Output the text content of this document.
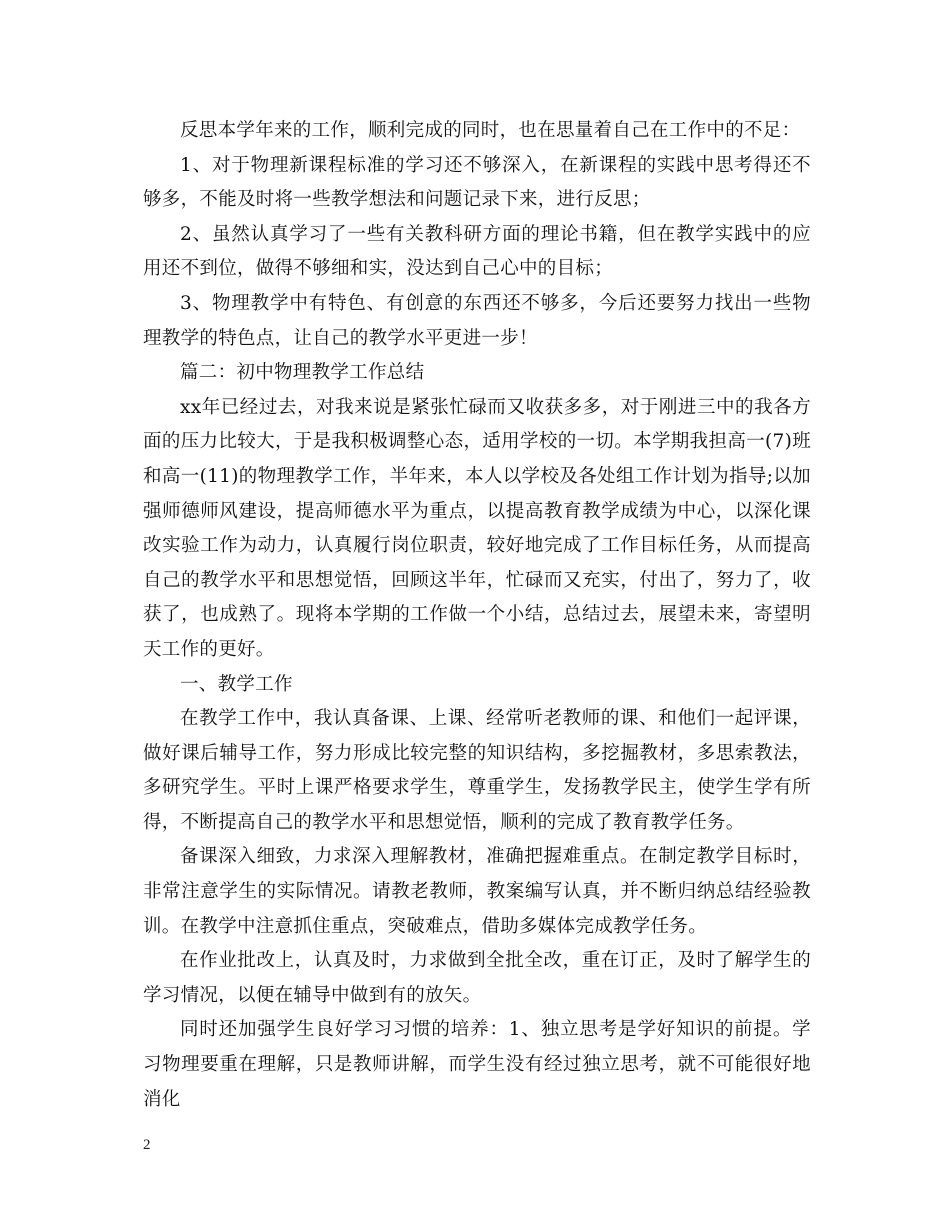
反思本学年来的工作，顺利完成的同时，也在思量着自己在工作中的不足：

1、对于物理新课程标准的学习还不够深入，在新课程的实践中思考得还不够多，不能及时将一些教学想法和问题记录下来，进行反思；

2、虽然认真学习了一些有关教科研方面的理论书籍，但在教学实践中的应用还不到位，做得不够细和实，没达到自己心中的目标；

3、物理教学中有特色、有创意的东西还不够多，今后还要努力找出一些物理教学的特色点，让自己的教学水平更进一步！

篇二：初中物理教学工作总结

xx年已经过去，对我来说是紧张忙碌而又收获多多，对于刚进三中的我各方面的压力比较大，于是我积极调整心态，适用学校的一切。本学期我担高一(7)班和高一(11)的物理教学工作，半年来，本人以学校及各处组工作计划为指导;以加强师德师风建设，提高师德水平为重点，以提高教育教学成绩为中心，以深化课改实验工作为动力，认真履行岗位职责，较好地完成了工作目标任务，从而提高自己的教学水平和思想觉悟，回顾这半年，忙碌而又充实，付出了，努力了，收获了，也成熟了。现将本学期的工作做一个小结，总结过去，展望未来，寄望明天工作的更好。

一、教学工作

在教学工作中，我认真备课、上课、经常听老教师的课、和他们一起评课，做好课后辅导工作，努力形成比较完整的知识结构，多挖掘教材，多思索教法，多研究学生。平时上课严格要求学生，尊重学生，发扬教学民主，使学生学有所得，不断提高自己的教学水平和思想觉悟，顺利的完成了教育教学任务。

备课深入细致，力求深入理解教材，准确把握难重点。在制定教学目标时，非常注意学生的实际情况。请教老教师，教案编写认真，并不断归纳总结经验教训。在教学中注意抓住重点，突破难点，借助多媒体完成教学任务。

在作业批改上，认真及时，力求做到全批全改，重在订正，及时了解学生的学习情况，以便在辅导中做到有的放矢。

同时还加强学生良好学习习惯的培养：1、独立思考是学好知识的前提。学习物理要重在理解，只是教师讲解，而学生没有经过独立思考，就不可能很好地消化

2
